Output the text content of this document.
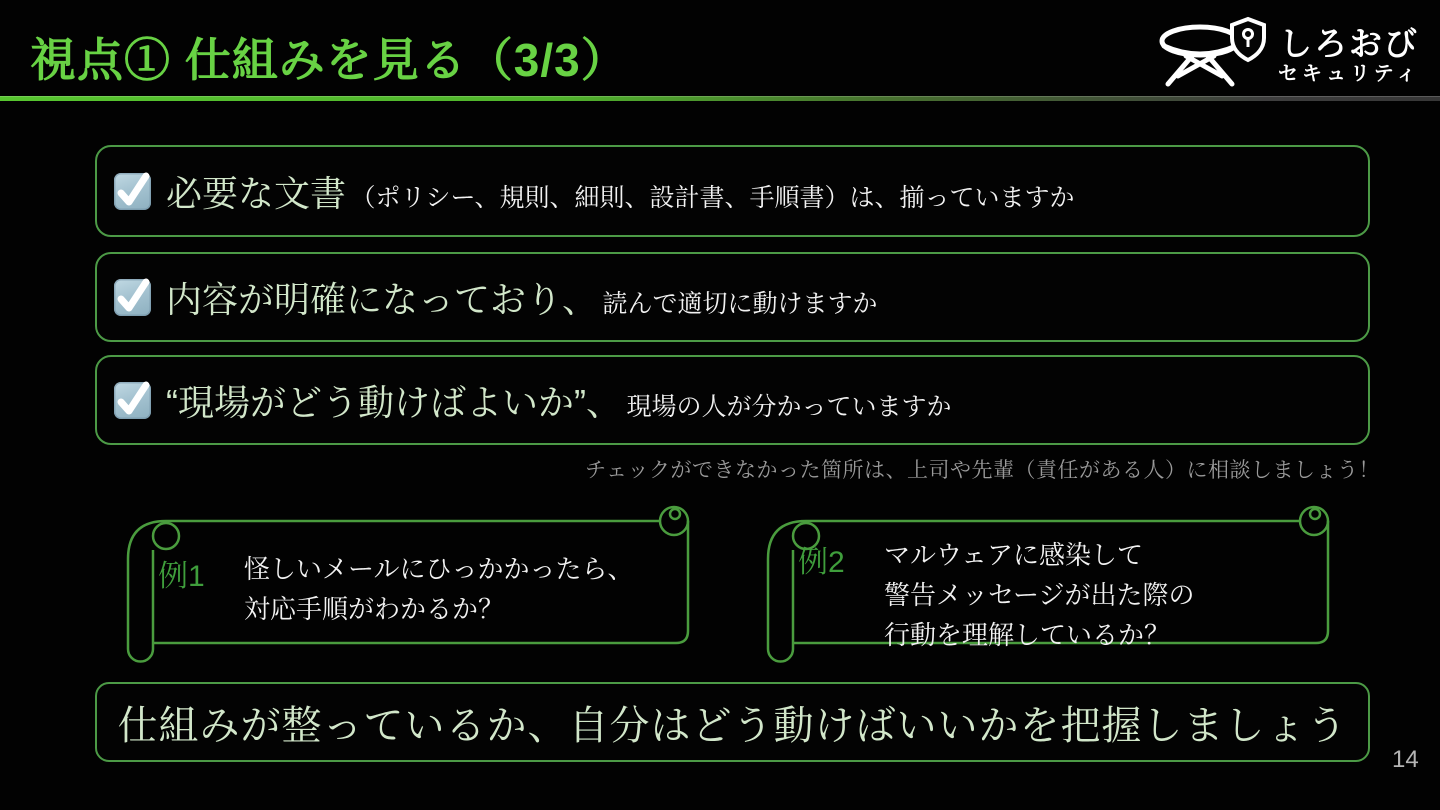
視点① 仕組みを見る（3/3）	しろおび
セキュリティ
必要な文書 （ポリシー、規則、細則、設計書、手順書）は、揃っていますか
内容が明確になっており、 読んで適切に動けますか
“現場がどう動けばよいか”、 現場の人が分かっていますか
チェックができなかった箇所は、上司や先輩（責任がある人）に相談しましょう！
例1 怪しいメールにひっかかったら、
対応手順がわかるか？
例2 マルウェアに感染して
警告メッセージが出た際の
行動を理解しているか？
仕組みが整っているか、自分はどう動けばいいかを把握しましょう
14
